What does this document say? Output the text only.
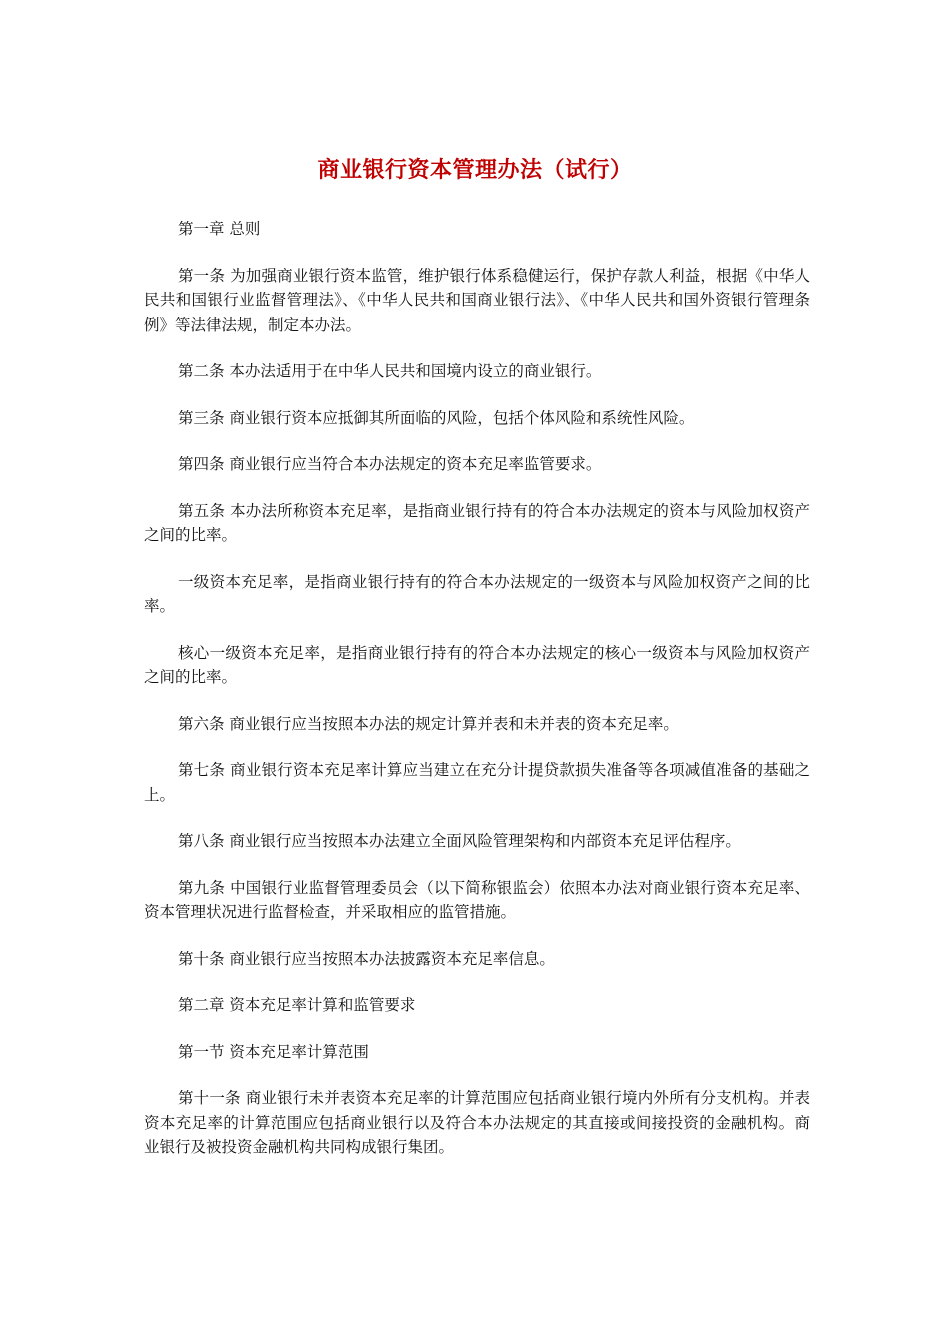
商业银行资本管理办法（试行）

第一章 总则

第一条 为加强商业银行资本监管，维护银行体系稳健运行，保护存款人利益，根据《中华人民共和国银行业监督管理法》、《中华人民共和国商业银行法》、《中华人民共和国外资银行管理条例》等法律法规，制定本办法。

第二条 本办法适用于在中华人民共和国境内设立的商业银行。

第三条 商业银行资本应抵御其所面临的风险，包括个体风险和系统性风险。

第四条 商业银行应当符合本办法规定的资本充足率监管要求。

第五条 本办法所称资本充足率，是指商业银行持有的符合本办法规定的资本与风险加权资产之间的比率。

一级资本充足率，是指商业银行持有的符合本办法规定的一级资本与风险加权资产之间的比率。

核心一级资本充足率，是指商业银行持有的符合本办法规定的核心一级资本与风险加权资产之间的比率。

第六条 商业银行应当按照本办法的规定计算并表和未并表的资本充足率。

第七条 商业银行资本充足率计算应当建立在充分计提贷款损失准备等各项减值准备的基础之上。

第八条 商业银行应当按照本办法建立全面风险管理架构和内部资本充足评估程序。

第九条 中国银行业监督管理委员会（以下简称银监会）依照本办法对商业银行资本充足率、资本管理状况进行监督检查，并采取相应的监管措施。

第十条 商业银行应当按照本办法披露资本充足率信息。

第二章 资本充足率计算和监管要求

第一节 资本充足率计算范围

第十一条 商业银行未并表资本充足率的计算范围应包括商业银行境内外所有分支机构。并表资本充足率的计算范围应包括商业银行以及符合本办法规定的其直接或间接投资的金融机构。商业银行及被投资金融机构共同构成银行集团。
